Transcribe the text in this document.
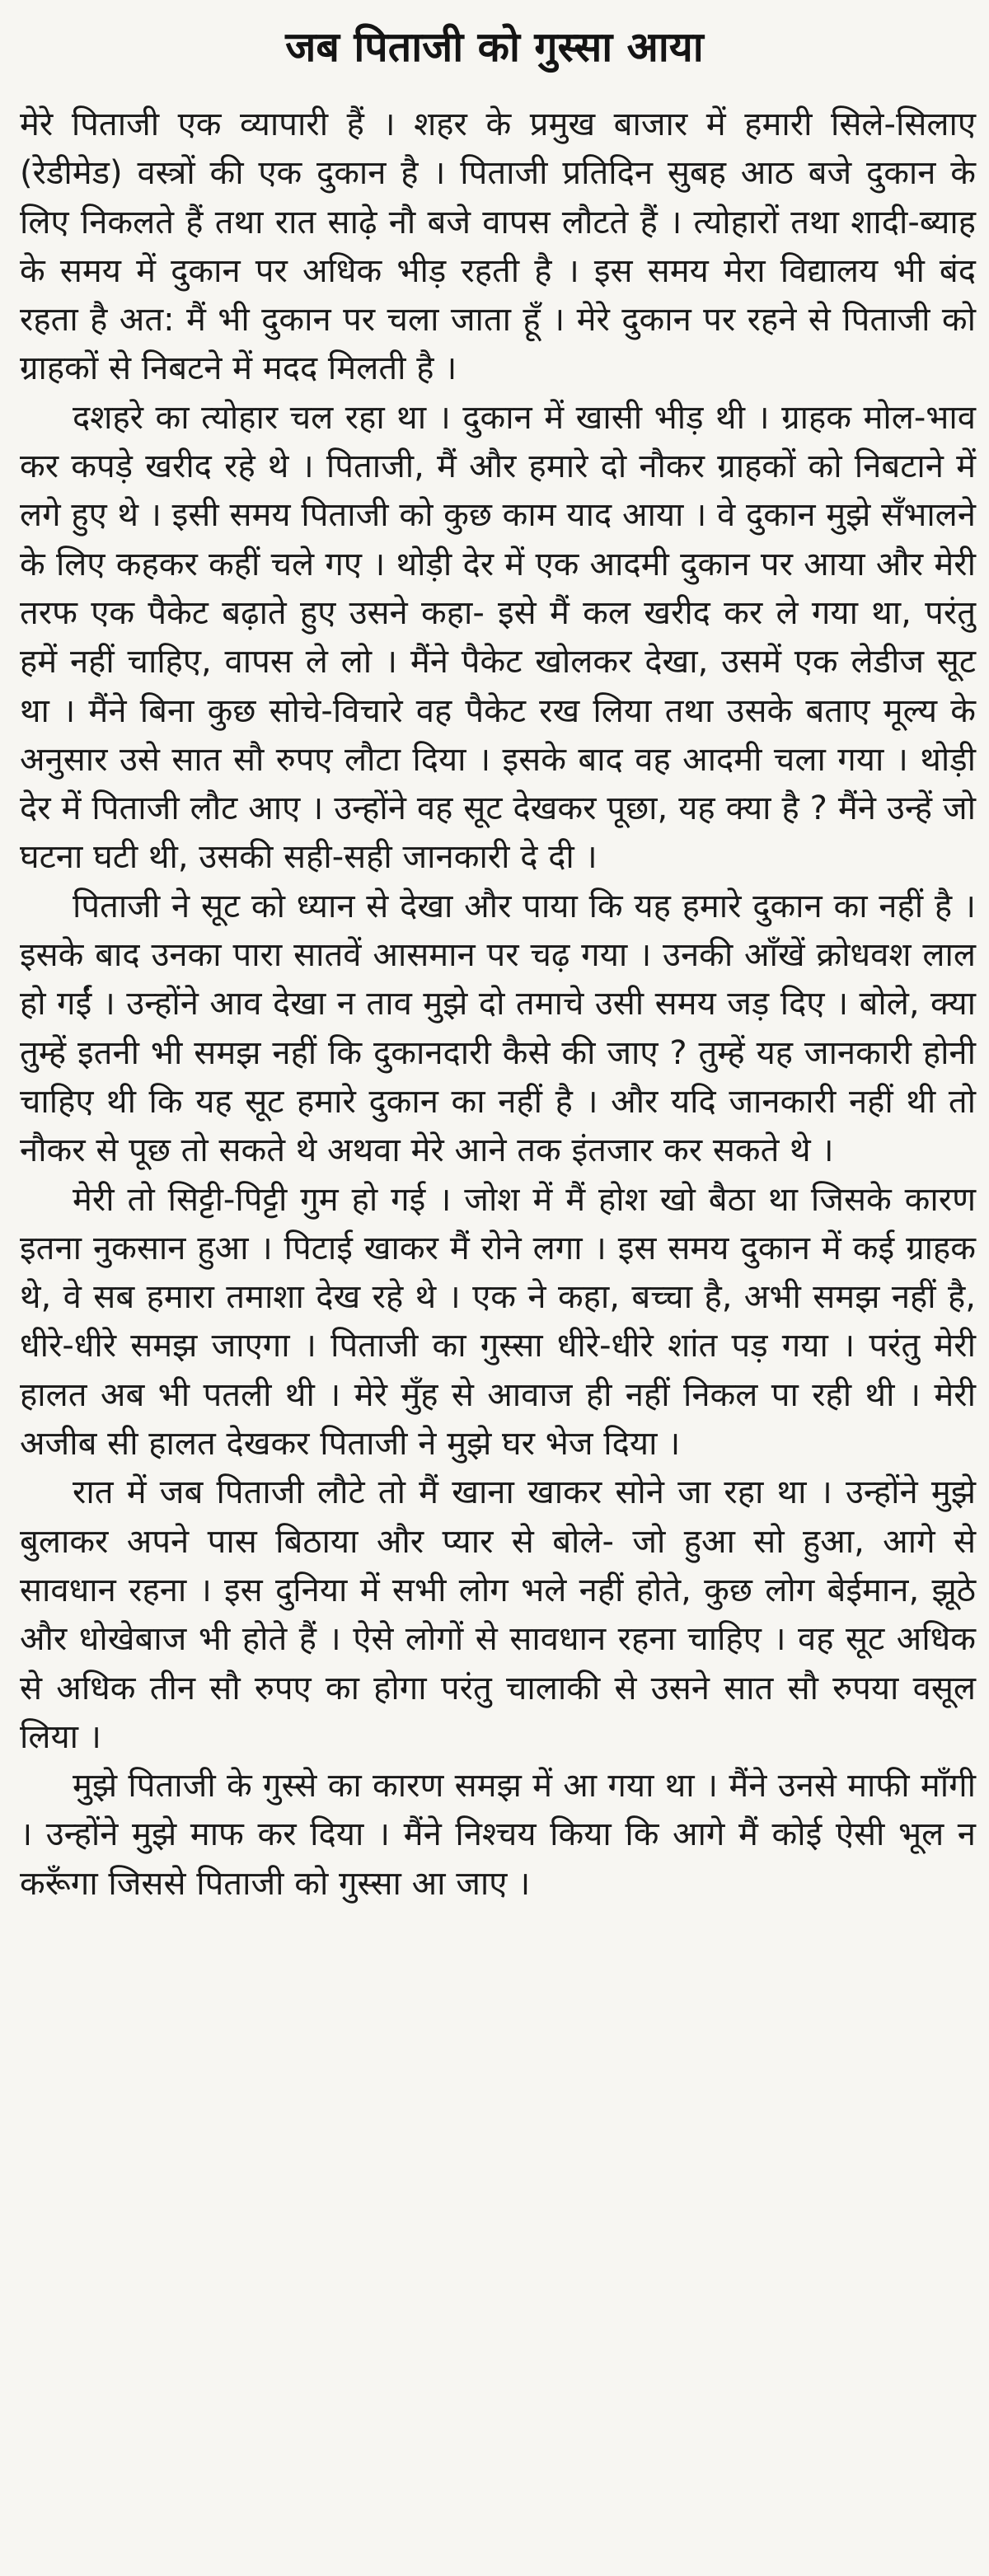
जब पिताजी को गुस्सा आया

मेरे पिताजी एक व्यापारी हैं । शहर के प्रमुख बाजार में हमारी सिले-सिलाए (रेडीमेड) वस्त्रों की एक दुकान है । पिताजी प्रतिदिन सुबह आठ बजे दुकान के लिए निकलते हैं तथा रात साढ़े नौ बजे वापस लौटते हैं । त्योहारों तथा शादी-ब्याह के समय में दुकान पर अधिक भीड़ रहती है । इस समय मेरा विद्यालय भी बंद रहता है अत: मैं भी दुकान पर चला जाता हूँ । मेरे दुकान पर रहने से पिताजी को ग्राहकों से निबटने में मदद मिलती है ।

दशहरे का त्योहार चल रहा था । दुकान में खासी भीड़ थी । ग्राहक मोल-भाव कर कपड़े खरीद रहे थे । पिताजी, मैं और हमारे दो नौकर ग्राहकों को निबटाने में लगे हुए थे । इसी समय पिताजी को कुछ काम याद आया । वे दुकान मुझे सँभालने के लिए कहकर कहीं चले गए । थोड़ी देर में एक आदमी दुकान पर आया और मेरी तरफ एक पैकेट बढ़ाते हुए उसने कहा- इसे मैं कल खरीद कर ले गया था, परंतु हमें नहीं चाहिए, वापस ले लो । मैंने पैकेट खोलकर देखा, उसमें एक लेडीज सूट था । मैंने बिना कुछ सोचे-विचारे वह पैकेट रख लिया तथा उसके बताए मूल्य के अनुसार उसे सात सौ रुपए लौटा दिया । इसके बाद वह आदमी चला गया । थोड़ी देर में पिताजी लौट आए । उन्होंने वह सूट देखकर पूछा, यह क्या है ? मैंने उन्हें जो घटना घटी थी, उसकी सही-सही जानकारी दे दी ।

पिताजी ने सूट को ध्यान से देखा और पाया कि यह हमारे दुकान का नहीं है । इसके बाद उनका पारा सातवें आसमान पर चढ़ गया । उनकी आँखें क्रोधवश लाल हो गईं । उन्होंने आव देखा न ताव मुझे दो तमाचे उसी समय जड़ दिए । बोले, क्या तुम्हें इतनी भी समझ नहीं कि दुकानदारी कैसे की जाए ? तुम्हें यह जानकारी होनी चाहिए थी कि यह सूट हमारे दुकान का नहीं है । और यदि जानकारी नहीं थी तो नौकर से पूछ तो सकते थे अथवा मेरे आने तक इंतजार कर सकते थे ।

मेरी तो सिट्टी-पिट्टी गुम हो गई । जोश में मैं होश खो बैठा था जिसके कारण इतना नुकसान हुआ । पिटाई खाकर मैं रोने लगा । इस समय दुकान में कई ग्राहक थे, वे सब हमारा तमाशा देख रहे थे । एक ने कहा, बच्चा है, अभी समझ नहीं है, धीरे-धीरे समझ जाएगा । पिताजी का गुस्सा धीरे-धीरे शांत पड़ गया । परंतु मेरी हालत अब भी पतली थी । मेरे मुँह से आवाज ही नहीं निकल पा रही थी । मेरी अजीब सी हालत देखकर पिताजी ने मुझे घर भेज दिया ।

रात में जब पिताजी लौटे तो मैं खाना खाकर सोने जा रहा था । उन्होंने मुझे बुलाकर अपने पास बिठाया और प्यार से बोले- जो हुआ सो हुआ, आगे से सावधान रहना । इस दुनिया में सभी लोग भले नहीं होते, कुछ लोग बेईमान, झूठे और धोखेबाज भी होते हैं । ऐसे लोगों से सावधान रहना चाहिए । वह सूट अधिक से अधिक तीन सौ रुपए का होगा परंतु चालाकी से उसने सात सौ रुपया वसूल लिया ।

मुझे पिताजी के गुस्से का कारण समझ में आ गया था । मैंने उनसे माफी माँगी । उन्होंने मुझे माफ कर दिया । मैंने निश्चय किया कि आगे मैं कोई ऐसी भूल न करूँगा जिससे पिताजी को गुस्सा आ जाए ।
